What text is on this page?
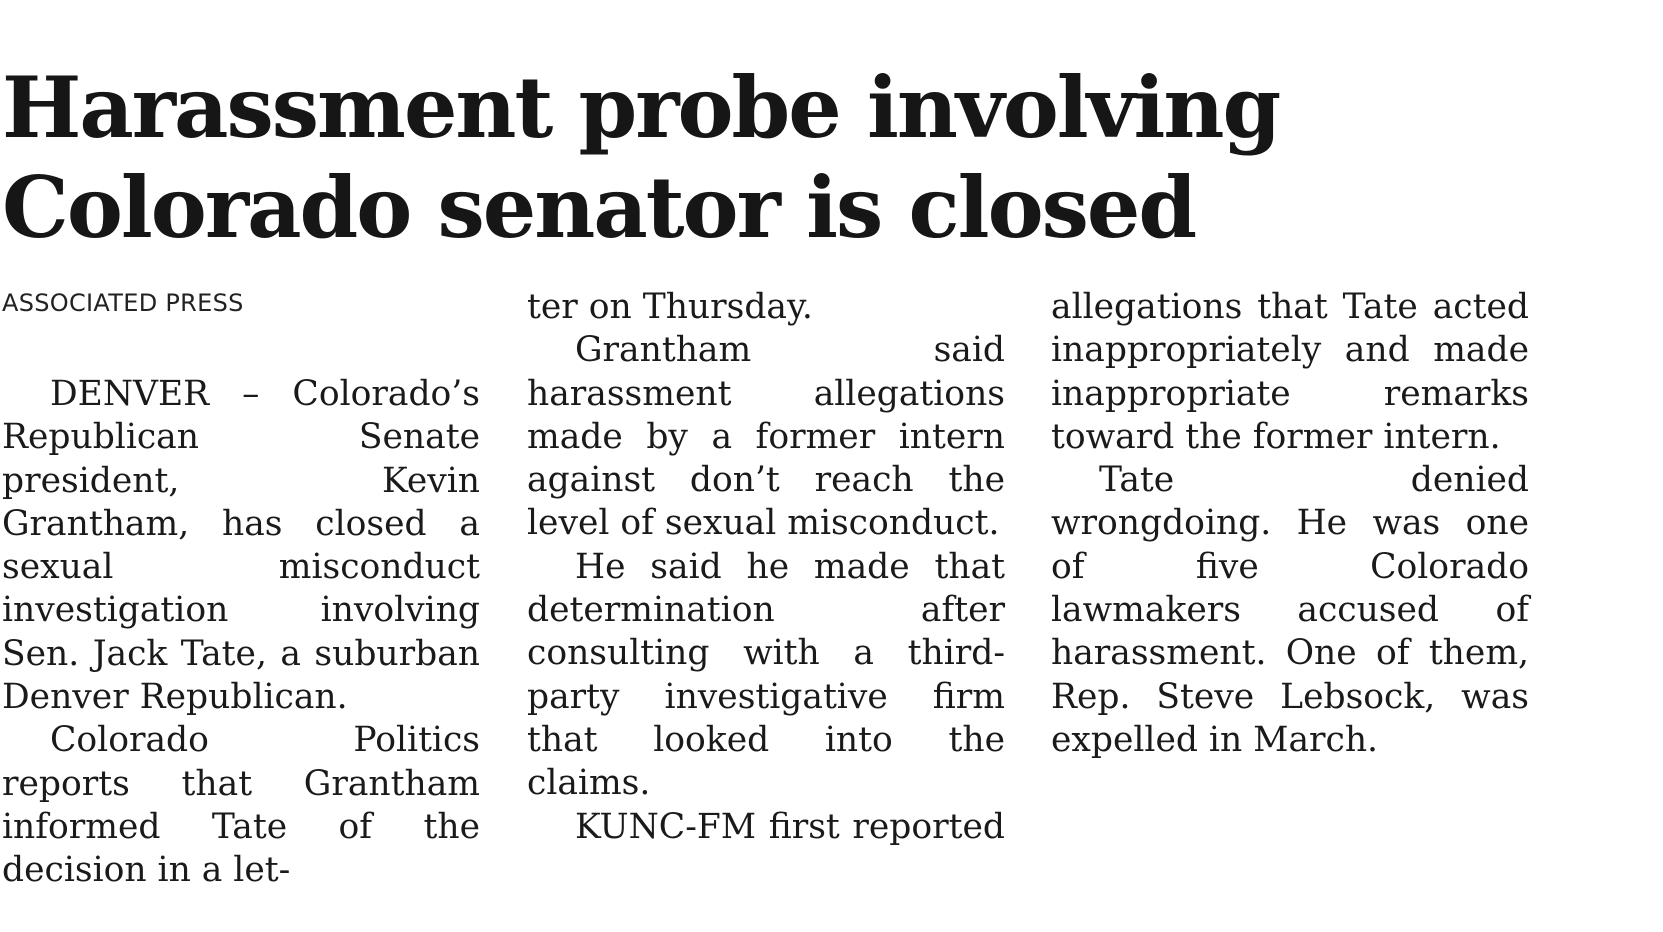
Harassment probe involving
Colorado senator is closed
ASSOCIATED PRESS

DENVER – Colorado’s Republican Senate president, Kevin Grantham, has closed a sexual misconduct investigation involving Sen. Jack Tate, a suburban Denver Republican.

Colorado Politics reports that Grantham informed Tate of the decision in a let-

ter on Thursday.

Grantham said harassment allegations made by a former intern against don’t reach the level of sexual misconduct.

He said he made that determination after consulting with a third-party investigative firm that looked into the claims.

KUNC-FM first reported

allegations that Tate acted inappropriately and made inappropriate remarks toward the former intern.

Tate denied wrongdoing. He was one of five Colorado lawmakers accused of harassment. One of them, Rep. Steve Lebsock, was expelled in March.
